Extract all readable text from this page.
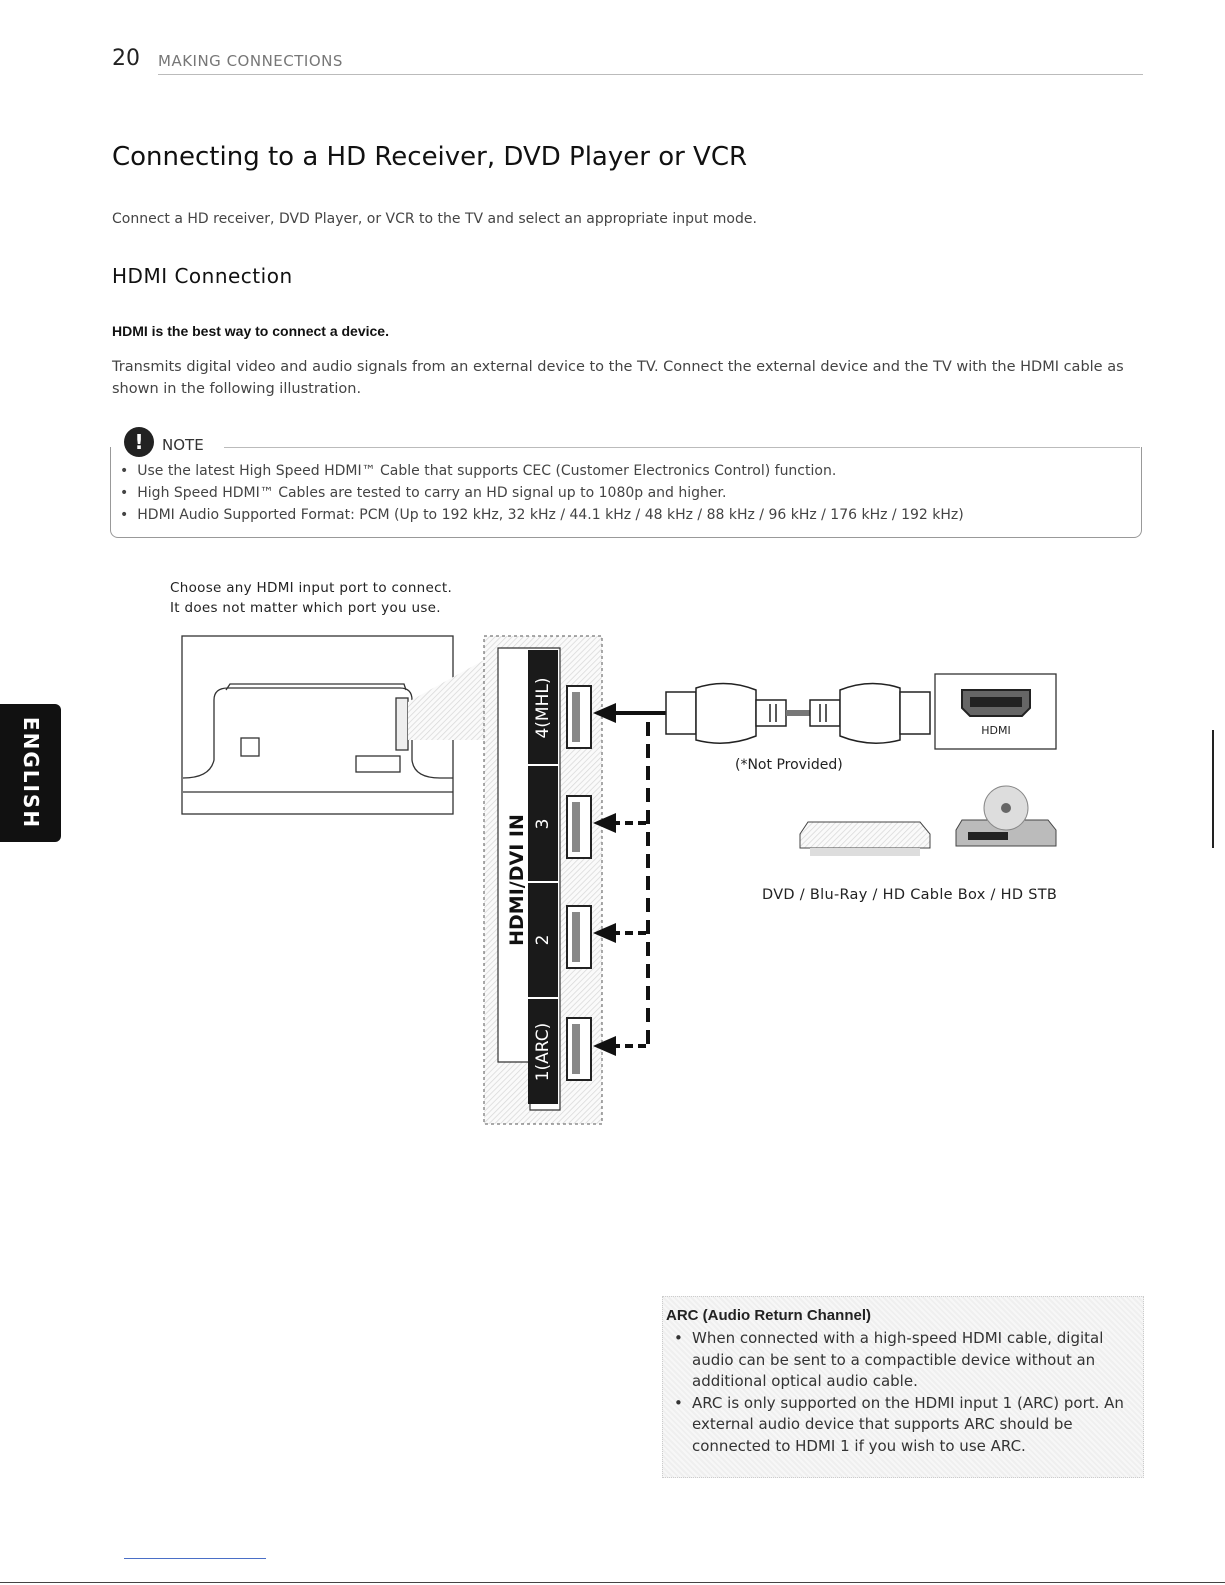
20 MAKING CONNECTIONS
ENGLISH
Connecting to a HD Receiver, DVD Player or VCR
Connect a HD receiver, DVD Player, or VCR to the TV and select an appropriate input mode.
HDMI Connection
HDMI is the best way to connect a device.
Transmits digital video and audio signals from an external device to the TV. Connect the external device and the TV with the HDMI cable as shown in the following illustration.
!	NOTE
• Use the latest High Speed HDMI™ Cable that supports CEC (Customer Electronics Control) function.
• High Speed HDMI™ Cables are tested to carry an HD signal up to 1080p and higher.
• HDMI Audio Supported Format: PCM (Up to 192 kHz, 32 kHz / 44.1 kHz / 48 kHz / 88 kHz / 96 kHz / 176 kHz / 192 kHz)
Choose any HDMI input port to connect.
It does not matter which port you use.
HDMI/DVI IN
4(MHL)
3
2
1(ARC)
HDMI
(*Not Provided)
DVD / Blu-Ray / HD Cable Box / HD STB
ARC (Audio Return Channel)
• When connected with a high-speed HDMI cable, digital audio can be sent to a compactible device without an additional optical audio cable.
• ARC is only supported on the HDMI input 1 (ARC) port. An external audio device that supports ARC should be connected to HDMI 1 if you wish to use ARC.
